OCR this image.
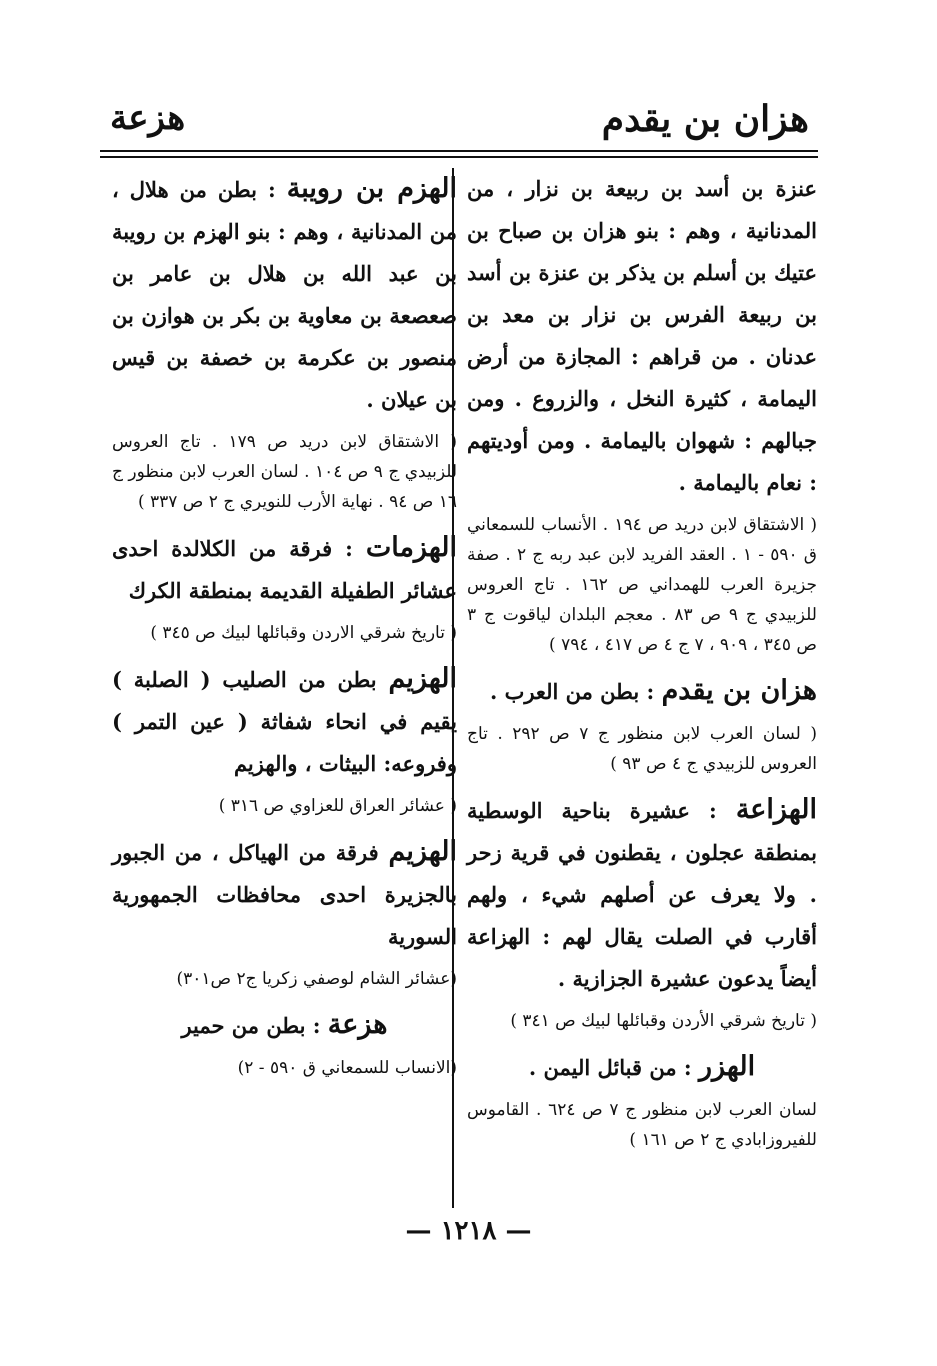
هزان بن يقدم
هزعة

عنزة بن أسد بن ربيعة بن نزار ، من المدنانية ، وهم : بنو هزان بن صباح بن عتيك بن أسلم بن يذكر بن عنزة بن أسد بن ربيعة الفرس بن نزار بن معد بن عدنان . من قراهم : المجازة من أرض اليمامة ، كثيرة النخل ، والزروع . ومن جبالهم : شهوان باليمامة . ومن أوديتهم : نعام باليمامة .

( الاشتقاق لابن دريد ص ١٩٤ . الأنساب للسمعاني ق ٥٩٠ - ١ . العقد الفريد لابن عبد ربه ج ٢ . صفة جزيرة العرب للهمداني ص ١٦٢ . تاج العروس للزبيدي ج ٩ ص ٨٣ . معجم البلدان لياقوت ج ٣ ص ٣٤٥ ، ٩٠٩ ، ٧ ج ٤ ص ٤١٧ ، ٧٩٤ )

هزان بن يقدم : بطن من العرب .

( لسان العرب لابن منظور ج ٧ ص ٢٩٢ . تاج العروس للزبيدي ج ٤ ص ٩٣ )

الهزاعة : عشيرة بناحية الوسطية بمنطقة عجلون ، يقطنون في قرية زحر . ولا يعرف عن أصلهم شيء ، ولهم أقارب في الصلت يقال لهم : الهزاعة أيضاً يدعون عشيرة الجزازية .

( تاريخ شرقي الأردن وقبائلها لبيك ص ٣٤١ )

الهزر : من قبائل اليمن .

لسان العرب لابن منظور ج ٧ ص ٦٢٤ . القاموس للفيروزابادي ج ٢ ص ١٦١ )

الهزم بن رويبة : بطن من هلال ، من المدنانية ، وهم : بنو الهزم بن رويبة بن عبد الله بن هلال بن عامر بن صعصعة بن معاوية بن بكر بن هوازن بن منصور بن عكرمة بن خصفة بن قيس بن عيلان .

( الاشتقاق لابن دريد ص ١٧٩ . تاج العروس للزبيدي ج ٩ ص ١٠٤ . لسان العرب لابن منظور ج ١٦ ص ٩٤ . نهاية الأرب للنويري ج ٢ ص ٣٣٧ )

الهزمات : فرقة من الكلالدة احدى عشائر الطفيلة القديمة بمنطقة الكرك

( تاريخ شرقي الاردن وقبائلها لبيك ص ٣٤٥ )

الهزيم بطن من الصليب ( الصلبة ) يقيم في انحاء شفاثة ( عين التمر ) وفروعه: البيثات ، والهزيم

( عشائر العراق للعزاوي ص ٣١٦ )

الهزيم فرقة من الهياكل ، من الجبور بالجزيرة احدى محافظات الجمهورية السورية

(عشائر الشام لوصفي زكريا ج٢ ص٣٠١)

هزعة : بطن من حمير

(الانساب للسمعاني ق ٥٩٠ - ٢)

— ١٢١٨ —
